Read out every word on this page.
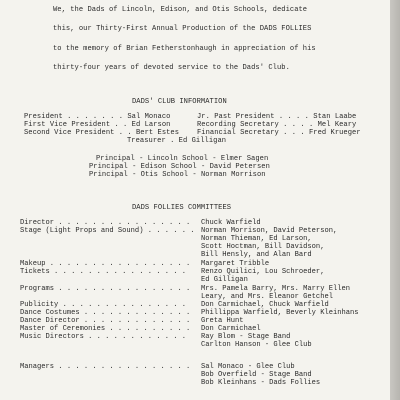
We, the Dads of Lincoln, Edison, and Otis Schools, dedicate
this, our Thirty-First Annual Production of the DADS FOLLIES
to the memory of Brian Fetherstonhaugh in appreciation of his
thirty-four years of devoted service to the Dads' Club.
DADS' CLUB INFORMATION
President . . . . . . . Sal Monaco	Jr. Past President . . . . Stan Laabe
First Vice President . . Ed Larson	Recording Secretary . . . . Mel Keary
Second Vice President . . Bert Estes	Financial Secretary . . . Fred Krueger
Treasurer . Ed Gilligan
Principal - Lincoln School - Elmer Sagen
Principal - Edison School - David Petersen
Principal - Otis School - Norman Morrison
DADS FOLLIES COMMITTEES
Director . . . . . . . . . . . . . . . . Chuck Warfield
Stage (Light Props and Sound) . . . . . . Norman Morrison, David Peterson,
Norman Thieman, Ed Larson,
Scott Hoctman, Bill Davidson,
Bill Hensly, and Alan Bard
Makeup . . . . . . . . . . . . . . . . . Margaret Tribble
Tickets . . . . . . . . . . . . . . . . Renzo Quilici, Lou Schroeder,
Ed Gilligan
Programs . . . . . . . . . . . . . . . . Mrs. Pamela Barry, Mrs. Marry Ellen
Leary, and Mrs. Eleanor Getchel
Publicity . . . . . . . . . . . . . . . Don Carmichael, Chuck Warfield
Dance Costumes . . . . . . . . . . . . . Phillippa Warfield, Beverly Kleinhans
Dance Director . . . . . . . . . . . . . Greta Hunt
Master of Ceremonies . . . . . . . . . . Don Carmichael
Music Directors . . . . . . . . . . . . Ray Blom - Stage Band
Carlton Hanson - Glee Club
Managers . . . . . . . . . . . . . . . . Sal Monaco - Glee Club
Bob Overfield - Stage Band
Bob Kleinhans - Dads Follies
